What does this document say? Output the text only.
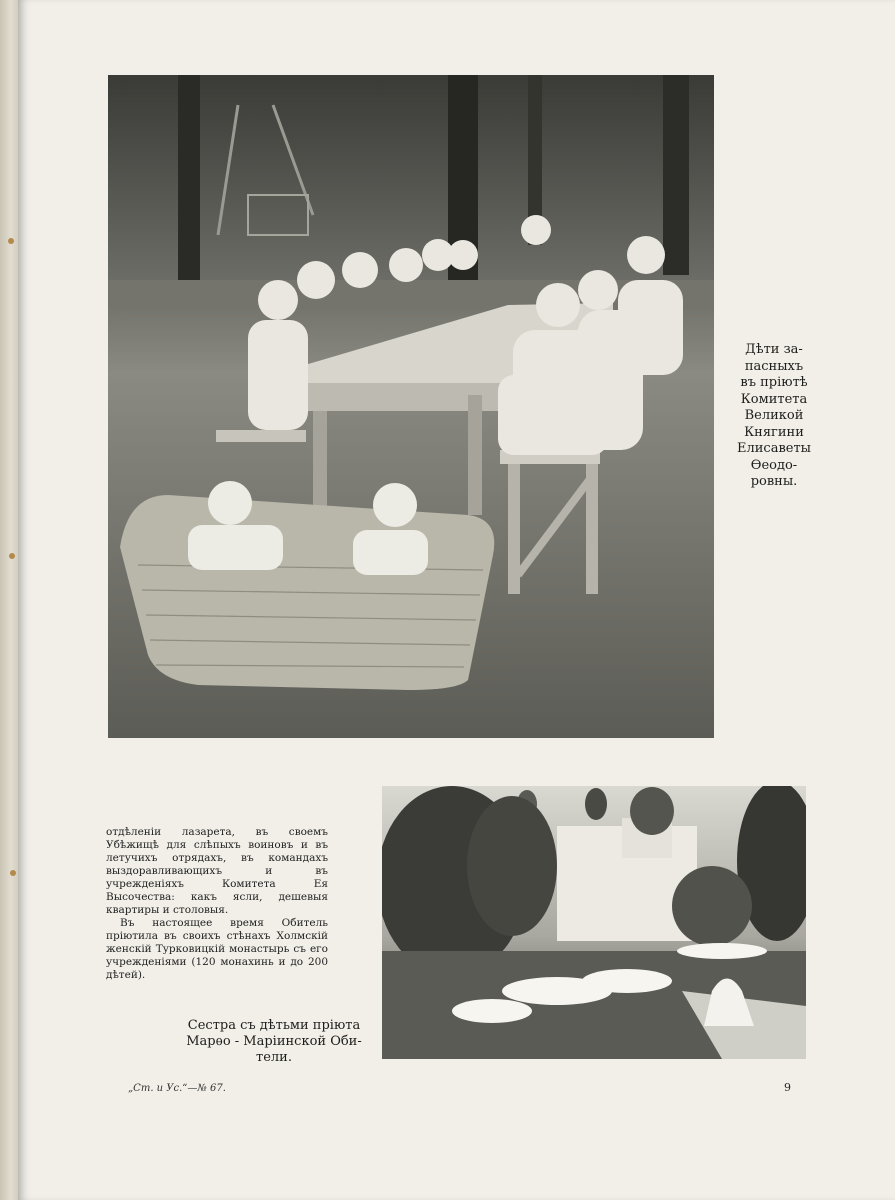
Дѣти за-
пасныхъ
въ пріютѣ
Комитета
Великой
Княгини
Елисаветы
Ѳеодо-
ровны.

отдѣленіи лазарета, въ своемъ Убѣжищѣ для слѣпыхъ воиновъ и въ летучихъ отрядахъ, въ командахъ выздоравливающихъ и въ учрежденіяхъ Комитета Ея Высочества: какъ ясли, дешевыя квартиры и столовыя.

Въ настоящее время Обитель пріютила въ своихъ стѣнахъ Холмскій женскій Турковицкій монастырь съ его учрежденіями (120 монахинь и до 200 дѣтей).

Сестра съ дѣтьми пріюта
Марѳо - Маріинской Оби-
тели.
„Ст. и Ус.“—№ 67.	9
